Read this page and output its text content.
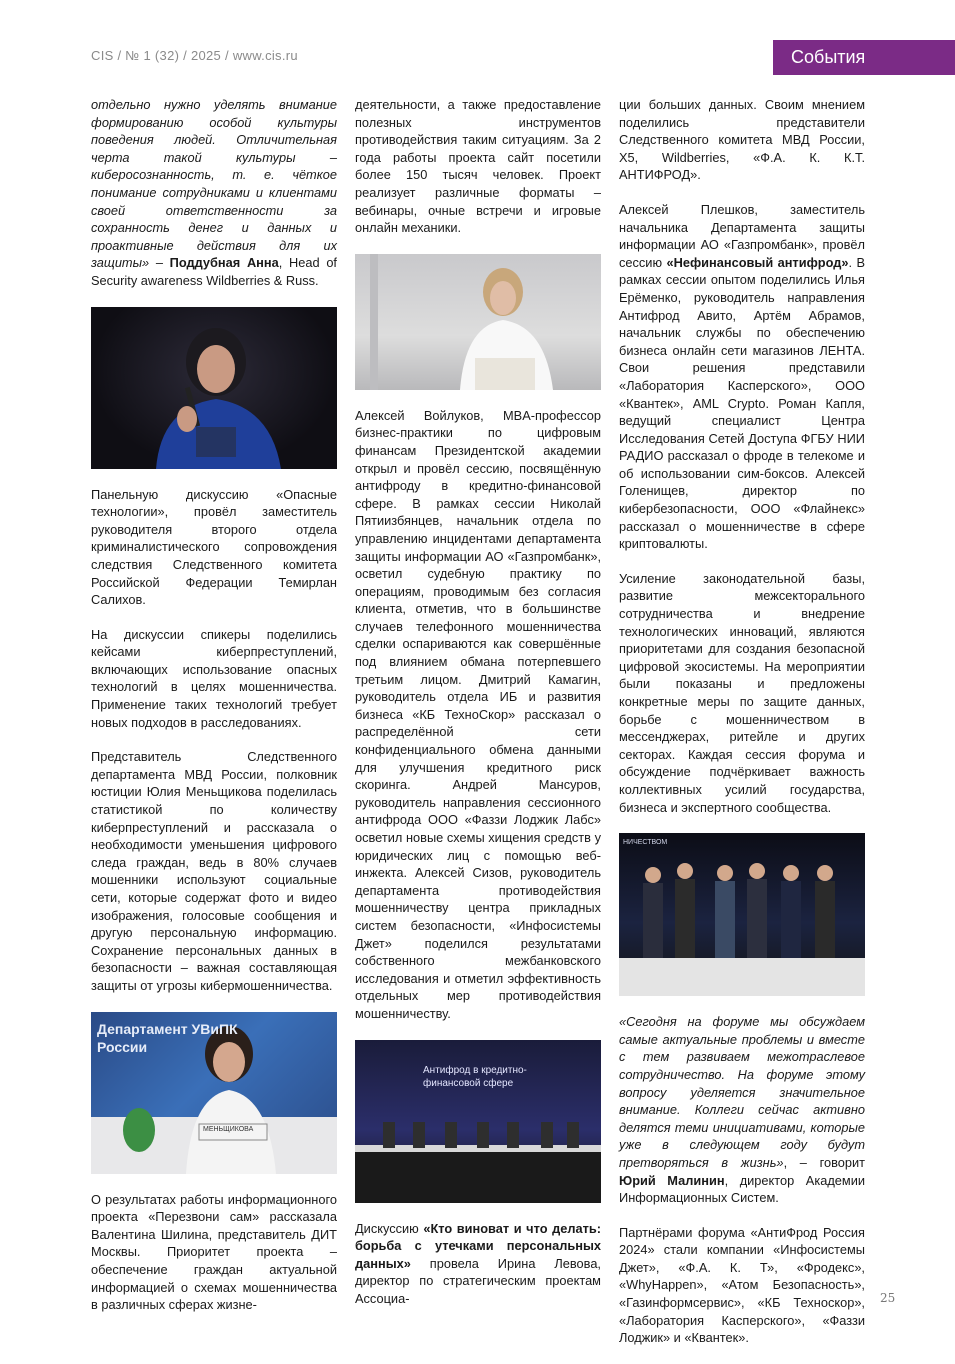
CIS / № 1 (32) / 2025 / www.cis.ru	События

отдельно нужно уделять внимание формированию особой культуры поведения людей. Отличительная черта такой культуры – киберосознанность, т. е. чёткое понимание сотрудниками и клиентами своей ответственности за сохранность денег и данных и проактивные действия для их защиты» – Поддубная Анна, Head of Security awareness Wildberries & Russ.

Панельную дискуссию «Опасные технологии», провёл заместитель руководителя второго отдела криминалистического сопровождения следствия Следственного комитета Российской Федерации Темирлан Салихов.

На дискуссии спикеры поделились кейсами киберпреступлений, включающих использование опасных технологий в целях мошенничества. Применение таких технологий требует новых подходов в расследованиях.

Представитель Следственного департамента МВД России, полковник юстиции Юлия Меньщикова поделилась статистикой по количеству киберпреступлений и рассказала о необходимости уменьшения цифрового следа граждан, ведь в 80% случаев мошенники используют социальные сети, которые содержат фото и видео изображения, голосовые сообщения и другую персональную информацию. Сохранение персональных данных в безопасности – важная составляющая защиты от угрозы кибермошенничества.

Департамент УВиПК России
МЕНЬЩИКОВА

О результатах работы информационного проекта «Перезвони сам» рассказала Валентина Шилина, представитель ДИТ Москвы. Приоритет проекта – обеспечение граждан актуальной информацией о схемах мошенничества в различных сферах жизне-

деятельности, а также предоставление полезных инструментов противодействия таким ситуациям. За 2 года работы проекта сайт посетили более 150 тысяч человек. Проект реализует различные форматы – вебинары, очные встречи и игровые онлайн механики.

Алексей Войлуков, MBA-профессор бизнес-практики по цифровым финансам Президентской академии открыл и провёл сессию, посвящённую антифроду в кредитно-финансовой сфере. В рамках сессии Николай Пятиизбянцев, начальник отдела по управлению инцидентами департамента защиты информации АО «Газпромбанк», осветил судебную практику по операциям, проводимым без согласия клиента, отметив, что в большинстве случаев телефонного мошенничества сделки оспариваются как совершённые под влиянием обмана потерпевшего третьим лицом. Дмитрий Камагин, руководитель отдела ИБ и развития бизнеса «КБ ТехноСкор» рассказал о распределённой сети конфиденциального обмена данными для улучшения кредитного риск скоринга. Андрей Мансуров, руководитель направления сессионного антифрода ООО «Фаззи Лоджик Лабс» осветил новые схемы хищения средств у юридических лиц с помощью веб-инжекта. Алексей Сизов, руководитель департамента противодействия мошенничеству центра прикладных систем безопасности, «Инфосистемы Джет» поделился результатами собственного межбанковского исследования и отметил эффективность отдельных мер противодействия мошенничеству.

Антифрод в кредитно-финансовой сфере

Дискуссию «Кто виноват и что делать: борьба с утечками персональных данных» провела Ирина Левова, директор по стратегическим проектам Ассоциа-

ции больших данных. Своим мнением поделились представители Следственного комитета МВД России, X5, Wildberries, «Ф.А. К. К.Т. АНТИФРОД».

Алексей Плешков, заместитель начальника Департамента защиты информации АО «Газпромбанк», провёл сессию «Нефинансовый антифрод». В рамках сессии опытом поделились Илья Ерёменко, руководитель направления Антифрод Авито, Артём Абрамов, начальник службы по обеспечению бизнеса онлайн сети магазинов ЛЕНТА. Свои решения представили «Лаборатория Касперского», ООО «Квантек», AML Crypto. Роман Капля, ведущий специалист Центра Исследования Сетей Доступа ФГБУ НИИ РАДИО рассказал о фроде в телекоме и об использовании сим-боксов. Алексей Голенищев, директор по кибербезопасности, ООО «Флайнекс» рассказал о мошенничестве в сфере криптовалюты.

Усиление законодательной базы, развитие межсекторального сотрудничества и внедрение технологических инноваций, являются приоритетами для создания безопасной цифровой экосистемы. На мероприятии были показаны и предложены конкретные меры по защите данных, борьбе с мошенничеством в мессенджерах, ритейле и других секторах. Каждая сессия форума и обсуждение подчёркивает важность коллективных усилий государства, бизнеса и экспертного сообщества.

НИЧЕСТВОМ

«Сегодня на форуме мы обсуждаем самые актуальные проблемы и вместе с тем развиваем межотраслевое сотрудничество. На форуме этому вопросу уделяется значительное внимание. Коллеги сейчас активно делятся теми инициативами, которые уже в следующем году будут претворяться в жизнь», – говорит Юрий Малинин, директор Академии Информационных Систем.

Партнёрами форума «АнтиФрод Россия 2024» стали компании «Инфосистемы Джет», «Ф.А. К. Т», «Фродекс», «WhyHappen», «Атом Безопасность», «Газинформсервис», «КБ Техноскор», «Лаборатория Касперского», «Фаззи Лоджик» и «Квантек».

25
